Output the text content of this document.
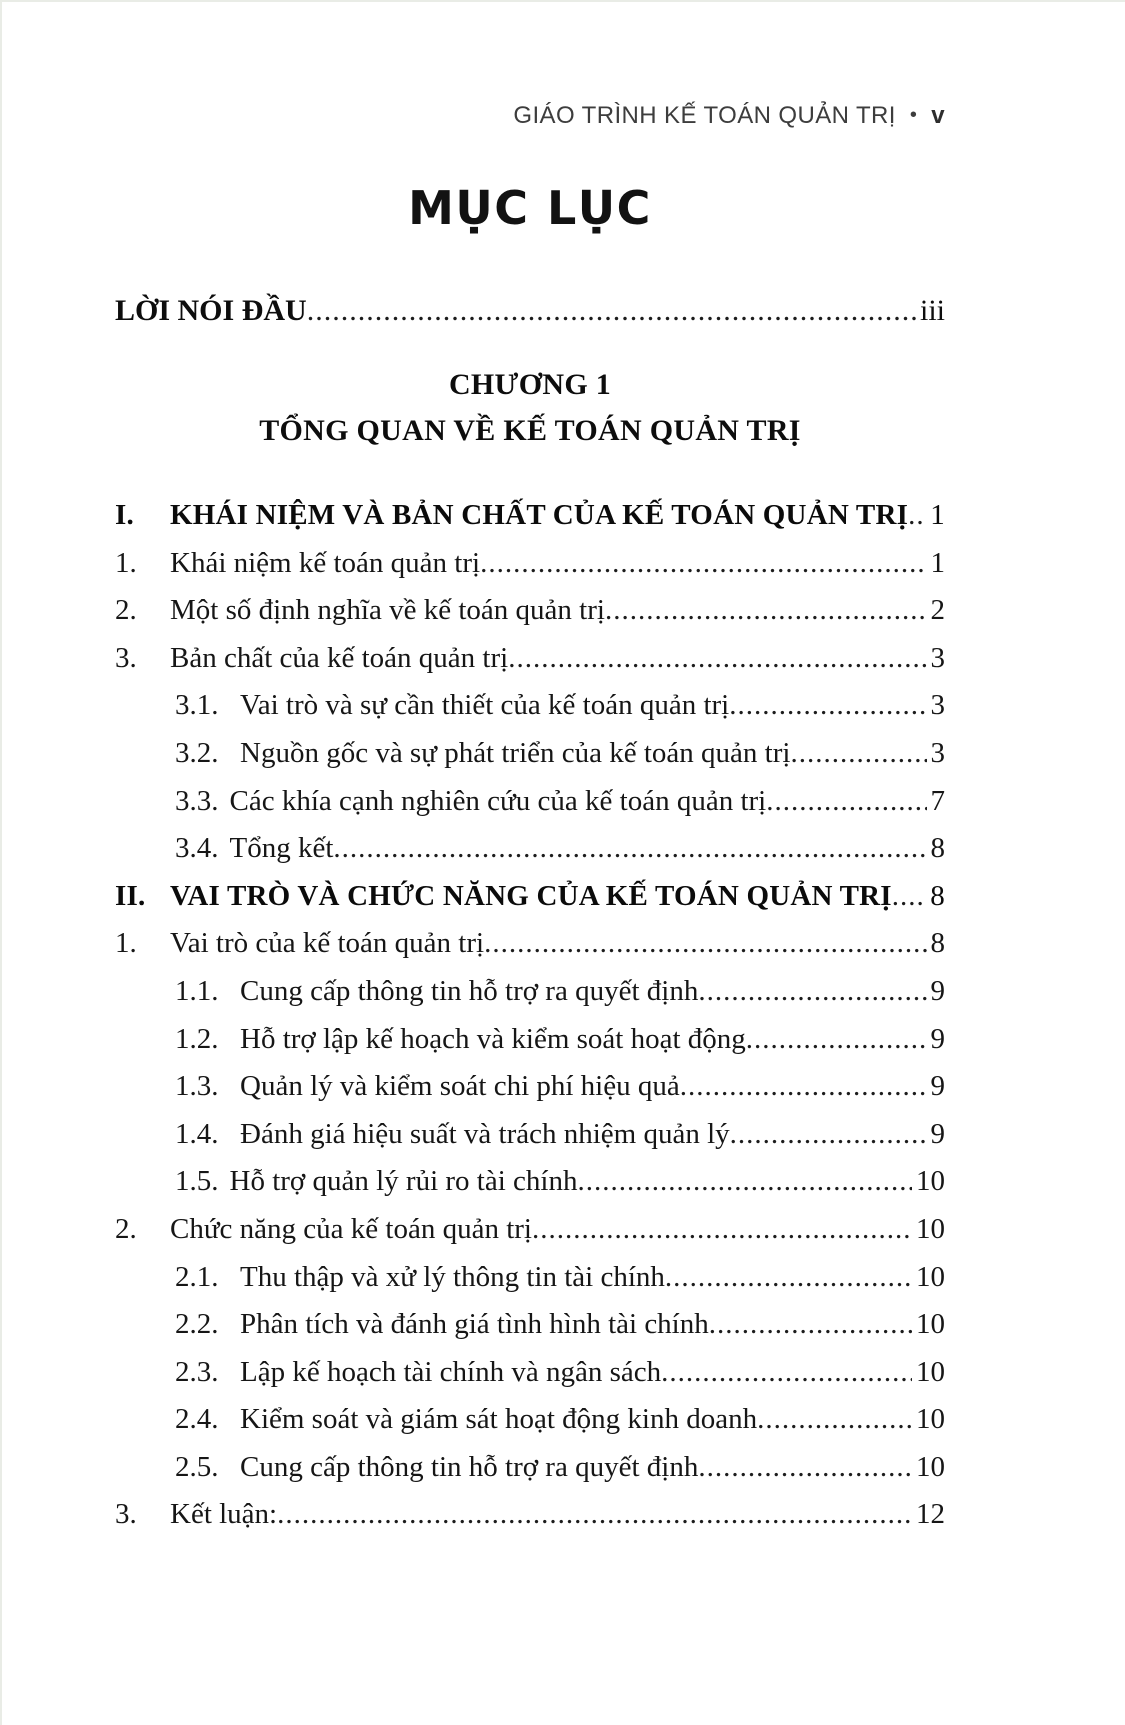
GIÁO TRÌNH KẾ TOÁN QUẢN TRỊ • v
MỤC LỤC
LỜI NÓI ĐẦU .....	iii
CHƯƠNG 1
TỔNG QUAN VỀ KẾ TOÁN QUẢN TRỊ
I.	KHÁI NIỆM VÀ BẢN CHẤT CỦA KẾ TOÁN QUẢN TRỊ ..... 1
1.	Khái niệm kế toán quản trị .....	1
2.	Một số định nghĩa về kế toán quản trị .....	2
3.	Bản chất của kế toán quản trị .....	3
3.1. Vai trò và sự cần thiết của kế toán quản trị .....	3
3.2. Nguồn gốc và sự phát triển của kế toán quản trị .....	3
3.3. Các khía cạnh nghiên cứu của kế toán quản trị .....	7
3.4. Tổng kết .....	8
II. VAI TRÒ VÀ CHỨC NĂNG CỦA KẾ TOÁN QUẢN TRỊ ..... 8
1.	Vai trò của kế toán quản trị .....	8
1.1. Cung cấp thông tin hỗ trợ ra quyết định .....	9
1.2. Hỗ trợ lập kế hoạch và kiểm soát hoạt động .....	9
1.3. Quản lý và kiểm soát chi phí hiệu quả .....	9
1.4. Đánh giá hiệu suất và trách nhiệm quản lý .....	9
1.5. Hỗ trợ quản lý rủi ro tài chính .....	10
2.	Chức năng của kế toán quản trị .....	10
2.1. Thu thập và xử lý thông tin tài chính .....	10
2.2. Phân tích và đánh giá tình hình tài chính .....	10
2.3. Lập kế hoạch tài chính và ngân sách .....	10
2.4. Kiểm soát và giám sát hoạt động kinh doanh .....	10
2.5. Cung cấp thông tin hỗ trợ ra quyết định .....	10
3.	Kết luận: .....	12
